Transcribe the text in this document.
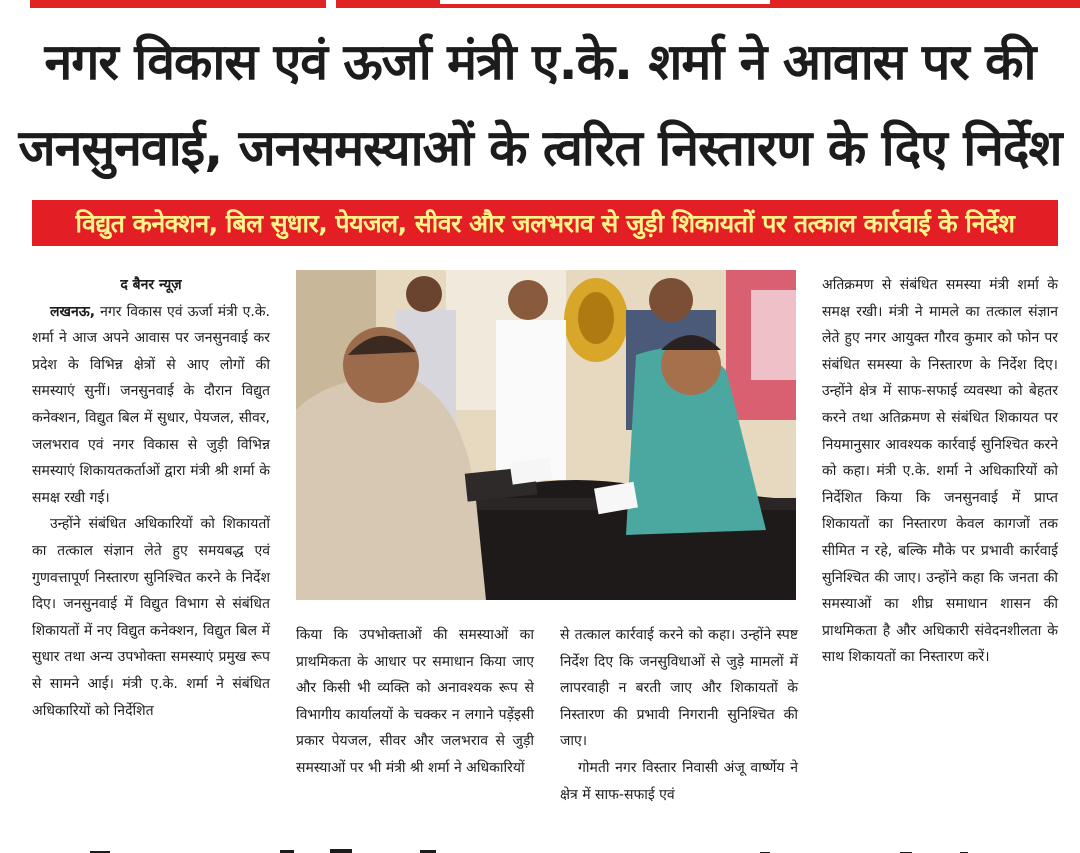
नगर विकास एवं ऊर्जा मंत्री ए.के. शर्मा ने आवास पर की
जनसुनवाई, जनसमस्याओं के त्वरित निस्तारण के दिए निर्देश
विद्युत कनेक्शन, बिल सुधार, पेयजल, सीवर और जलभराव से जुड़ी शिकायतों पर तत्काल कार्रवाई के निर्देश

द बैनर न्यूज़

लखनऊ, नगर विकास एवं ऊर्जा मंत्री ए.के. शर्मा ने आज अपने आवास पर जनसुनवाई कर प्रदेश के विभिन्न क्षेत्रों से आए लोगों की समस्याएं सुनीं। जनसुनवाई के दौरान विद्युत कनेक्शन, विद्युत बिल में सुधार, पेयजल, सीवर, जलभराव एवं नगर विकास से जुड़ी विभिन्न समस्याएं शिकायतकर्ताओं द्वारा मंत्री श्री शर्मा के समक्ष रखी गई।

उन्होंने संबंधित अधिकारियों को शिकायतों का तत्काल संज्ञान लेते हुए समयबद्ध एवं गुणवत्तापूर्ण निस्तारण सुनिश्चित करने के निर्देश दिए। जनसुनवाई में विद्युत विभाग से संबंधित शिकायतों में नए विद्युत कनेक्शन, विद्युत बिल में सुधार तथा अन्य उपभोक्ता समस्याएं प्रमुख रूप से सामने आई। मंत्री ए.के. शर्मा ने संबंधित अधिकारियों को निर्देशित

किया कि उपभोक्ताओं की समस्याओं का प्राथमिकता के आधार पर समाधान किया जाए और किसी भी व्यक्ति को अनावश्यक रूप से विभागीय कार्यालयों के चक्कर न लगाने पड़ेंइसी प्रकार पेयजल, सीवर और जलभराव से जुड़ी समस्याओं पर भी मंत्री श्री शर्मा ने अधिकारियों

से तत्काल कार्रवाई करने को कहा। उन्होंने स्पष्ट निर्देश दिए कि जनसुविधाओं से जुड़े मामलों में लापरवाही न बरती जाए और शिकायतों के निस्तारण की प्रभावी निगरानी सुनिश्चित की जाए।

गोमती नगर विस्तार निवासी अंजू वार्ष्णेय ने क्षेत्र में साफ-सफाई एवं

अतिक्रमण से संबंधित समस्या मंत्री शर्मा के समक्ष रखी। मंत्री ने मामले का तत्काल संज्ञान लेते हुए नगर आयुक्त गौरव कुमार को फोन पर संबंधित समस्या के निस्तारण के निर्देश दिए। उन्होंने क्षेत्र में साफ-सफाई व्यवस्था को बेहतर करने तथा अतिक्रमण से संबंधित शिकायत पर नियमानुसार आवश्यक कार्रवाई सुनिश्चित करने को कहा। मंत्री ए.के. शर्मा ने अधिकारियों को निर्देशित किया कि जनसुनवाई में प्राप्त शिकायतों का निस्तारण केवल कागजों तक सीमित न रहे, बल्कि मौके पर प्रभावी कार्रवाई सुनिश्चित की जाए। उन्होंने कहा कि जनता की समस्याओं का शीघ्र समाधान शासन की प्राथमिकता है और अधिकारी संवेदनशीलता के साथ शिकायतों का निस्तारण करें।
